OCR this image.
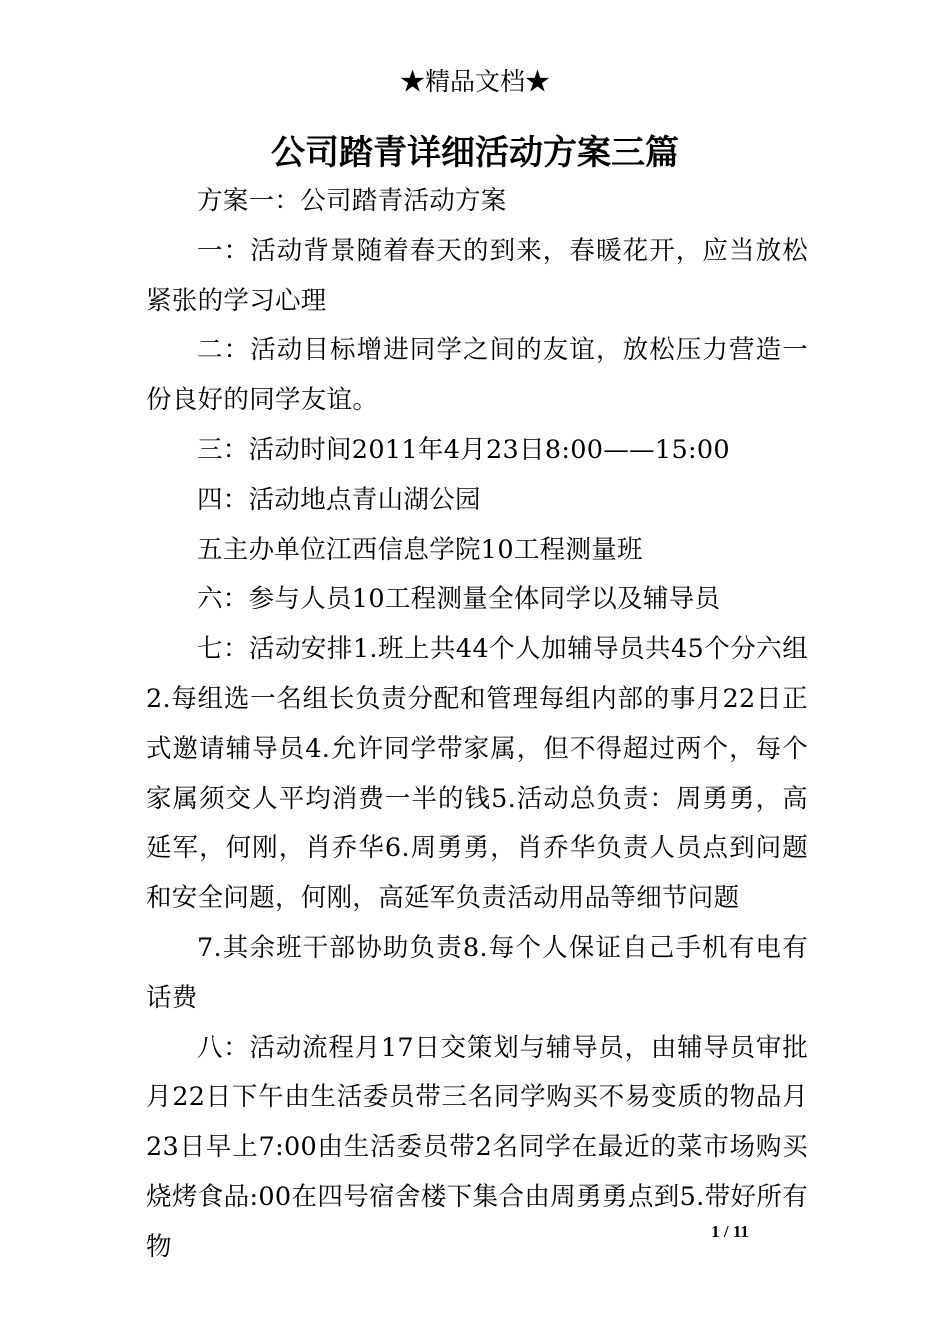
★精品文档★
公司踏青详细活动方案三篇

方案一：公司踏青活动方案

一：活动背景随着春天的到来，春暖花开，应当放松紧张的学习心理

二：活动目标增进同学之间的友谊，放松压力营造一份良好的同学友谊。

三：活动时间2011年4月23日8:00——15:00

四：活动地点青山湖公园

五主办单位江西信息学院10工程测量班

六：参与人员10工程测量全体同学以及辅导员

七：活动安排1.班上共44个人加辅导员共45个分六组2.每组选一名组长负责分配和管理每组内部的事月22日正式邀请辅导员4.允许同学带家属，但不得超过两个，每个家属须交人平均消费一半的钱5.活动总负责：周勇勇，高延军，何刚，肖乔华6.周勇勇，肖乔华负责人员点到问题和安全问题，何刚，高延军负责活动用品等细节问题

7.其余班干部协助负责8.每个人保证自己手机有电有话费

八：活动流程月17日交策划与辅导员，由辅导员审批月22日下午由生活委员带三名同学购买不易变质的物品月23日早上7:00由生活委员带2名同学在最近的菜市场购买烧烤食品:00在四号宿舍楼下集合由周勇勇点到5.带好所有物

1 / 11
